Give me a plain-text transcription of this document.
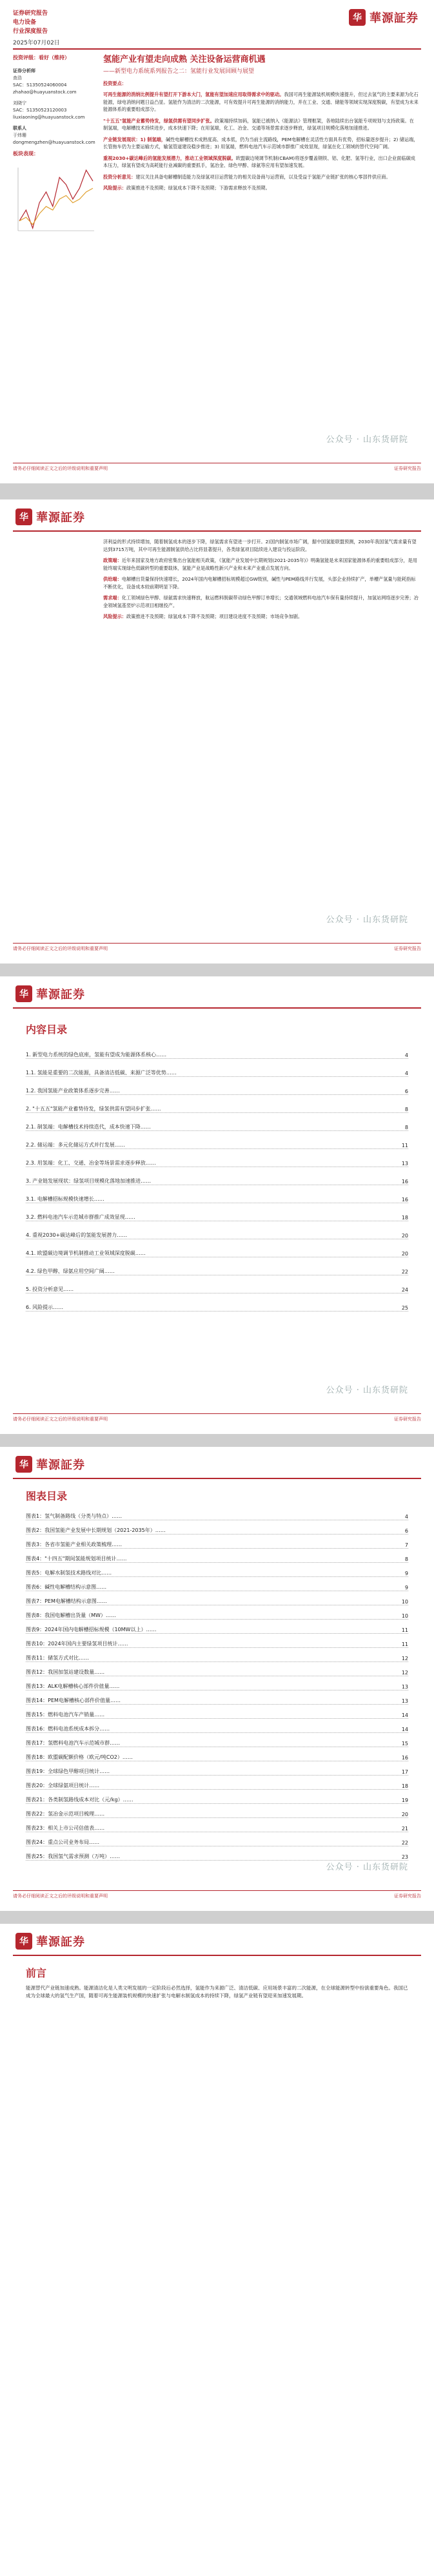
证券研究报告
电力设备
行业深度报告
2025年07月02日
华 華源証券
投资评级：看好（维持）
证券分析师
查浩
SAC：S1350524060004
zhahao@huayuanstock.com
刘晓宁
SAC：S1350523120003
liuxiaoning@huayuanstock.com
联系人
于炜珊
dongmengzhen@huayuanstock.com
板块表现：
氢能产业有望走向成熟 关注设备运营商机遇
——新型电力系统系列报告之二：氢能行业发展回顾与展望
投资要点：
可再生能源的消纳比例提升有望打开下游本大门，氢能有望加速应用取得需求中的驱动。我国可再生能源装机规模快速提升，但过去氢气的主要来源为化石能源，绿电消纳问题日益凸显。氢能作为清洁的二次能源，可有效提升可再生能源的消纳能力，并在工业、交通、储能等领域实现深度脱碳，有望成为未来能源体系的重要组成部分。
"十五五"氢能产业蓄势待发，绿氢供需有望同步扩张。政策端持续加码，氢能已被纳入《能源法》管理框架，各地陆续出台氢能专项规划与支持政策。在制氢端，电解槽技术持续进步，成本快速下降；在用氢端，化工、冶金、交通等场景需求逐步释放，绿氢项目规模化落地加速推进。
产业链发展现状：1) 制氢端，碱性电解槽技术成熟度高、成本低，仍为当前主流路线，PEM电解槽在灵活性方面具有优势，招标量逐步提升；2) 储运端，长管拖车仍为主要运输方式，输氢管道建设稳步推进；3) 用氢端，燃料电池汽车示范城市群推广成效显现，绿氢在化工领域的替代空间广阔。
重视2030+碳达峰后的氢能发展潜力，推动工业领域深度脱碳。欧盟碳边境调节机制(CBAM)将逐步覆盖钢铁、铝、化肥、氢等行业，出口企业面临碳成本压力，绿氢有望成为高耗能行业减碳的重要抓手，氢冶金、绿色甲醇、绿氨等应用有望加速发展。
投资分析意见：建议关注具备电解槽制造能力及绿氢项目运营能力的相关设备商与运营商，以及受益于氢能产业链扩张的核心零部件供应商。
风险提示：政策推进不及预期；绿氢成本下降不及预期；下游需求释放不及预期。
公众号 · 山东货研院
请务必仔细阅读正文之后的评级说明和重要声明	证券研究报告
华 華源証券
济利益的形式持续增加，随着制氢成本的逐步下降，绿氢需求有望进一步打开。2)国内制氢市场广阔，据中国氢能联盟预测，2030年我国氢气需求量有望达到3715万吨，其中可再生能源制氢供给占比将显著提升，各类绿氢项目陆续进入建设与投运阶段。
政策端：近年来国家及地方政府密集出台氢能相关政策，《氢能产业发展中长期规划(2021-2035年)》明确氢能是未来国家能源体系的重要组成部分，是用能终端实现绿色低碳转型的重要载体，氢能产业是战略性新兴产业和未来产业重点发展方向。
供给端：电解槽出货量保持快速增长，2024年国内电解槽招标规模超过GW级别，碱性与PEM路线并行发展，头部企业持续扩产，单槽产氢量与能耗指标不断优化，设备成本较前期明显下降。
需求端：化工领域绿色甲醇、绿氨需求快速释放，航运燃料脱碳带动绿色甲醇订单增长；交通领域燃料电池汽车保有量持续提升，加氢站网络逐步完善；冶金领域氢基竖炉示范项目相继投产。
风险提示：政策推进不及预期；绿氢成本下降不及预期；项目建设进度不及预期；市场竞争加剧。
公众号 · 山东货研院
请务必仔细阅读正文之后的评级说明和重要声明	证券研究报告
华 華源証券
内容目录
1. 新型电力系统的绿色底座，氢能有望成为能源体系核心……	4
1.1. 氢能是重要的二次能源，具备清洁低碳、来源广泛等优势……	4
1.2. 我国氢能产业政策体系逐步完善……	6
2. "十五五"氢能产业蓄势待发，绿氢供需有望同步扩张……	8
2.1. 制氢端：电解槽技术持续迭代，成本快速下降……	8
2.2. 储运端：多元化储运方式并行发展……	11
2.3. 用氢端：化工、交通、冶金等场景需求逐步释放……	13
3. 产业链发展现状：绿氢项目规模化落地加速推进……	16
3.1. 电解槽招标规模快速增长……	16
3.2. 燃料电池汽车示范城市群推广成效显现……	18
4. 重视2030+碳达峰后的氢能发展潜力……	20
4.1. 欧盟碳边境调节机制推动工业领域深度脱碳……	20
4.2. 绿色甲醇、绿氨应用空间广阔……	22
5. 投资分析意见……	24
6. 风险提示……	25
公众号 · 山东货研院
请务必仔细阅读正文之后的评级说明和重要声明	证券研究报告
华 華源証券
图表目录
图表1：氢气制备路线（分类与特点）……	4
图表2：我国氢能产业发展中长期规划（2021-2035年）……	6
图表3：各省市氢能产业相关政策梳理……	7
图表4："十四五"期间氢能规划项目统计……	8
图表5：电解水制氢技术路线对比……	9
图表6：碱性电解槽结构示意图……	9
图表7：PEM电解槽结构示意图……	10
图表8：我国电解槽出货量（MW）……	10
图表9：2024年国内电解槽招标规模（10MW以上）……	11
图表10：2024年国内主要绿氢项目统计……	11
图表11：储氢方式对比……	12
图表12：我国加氢站建设数量……	12
图表13：ALK电解槽核心部件价值量……	13
图表14：PEM电解槽核心部件价值量……	13
图表15：燃料电池汽车产销量……	14
图表16：燃料电池系统成本拆分……	14
图表17：氢燃料电池汽车示范城市群……	15
图表18：欧盟碳配额价格（欧元/吨CO2）……	16
图表19：全球绿色甲醇项目统计……	17
图表20：全球绿氨项目统计……	18
图表21：各类制氢路线成本对比（元/kg）……	19
图表22：氢冶金示范项目梳理……	20
图表23：相关上市公司估值表……	21
图表24：重点公司业务布局……	22
图表25：我国氢气需求预测（万吨）……	23
公众号 · 山东货研院
请务必仔细阅读正文之后的评级说明和重要声明	证券研究报告
华 華源証券
前言
能源替代产业链加速成熟。能源清洁化是人类文明发展的一定阶段后必然选择，氢能作为来源广泛、清洁低碳、应用场景丰富的二次能源，在全球能源转型中扮演重要角色。我国已成为全球最大的氢气生产国，随着可再生能源装机规模的快速扩张与电解水制氢成本的持续下降，绿氢产业链有望迎来加速发展期。
